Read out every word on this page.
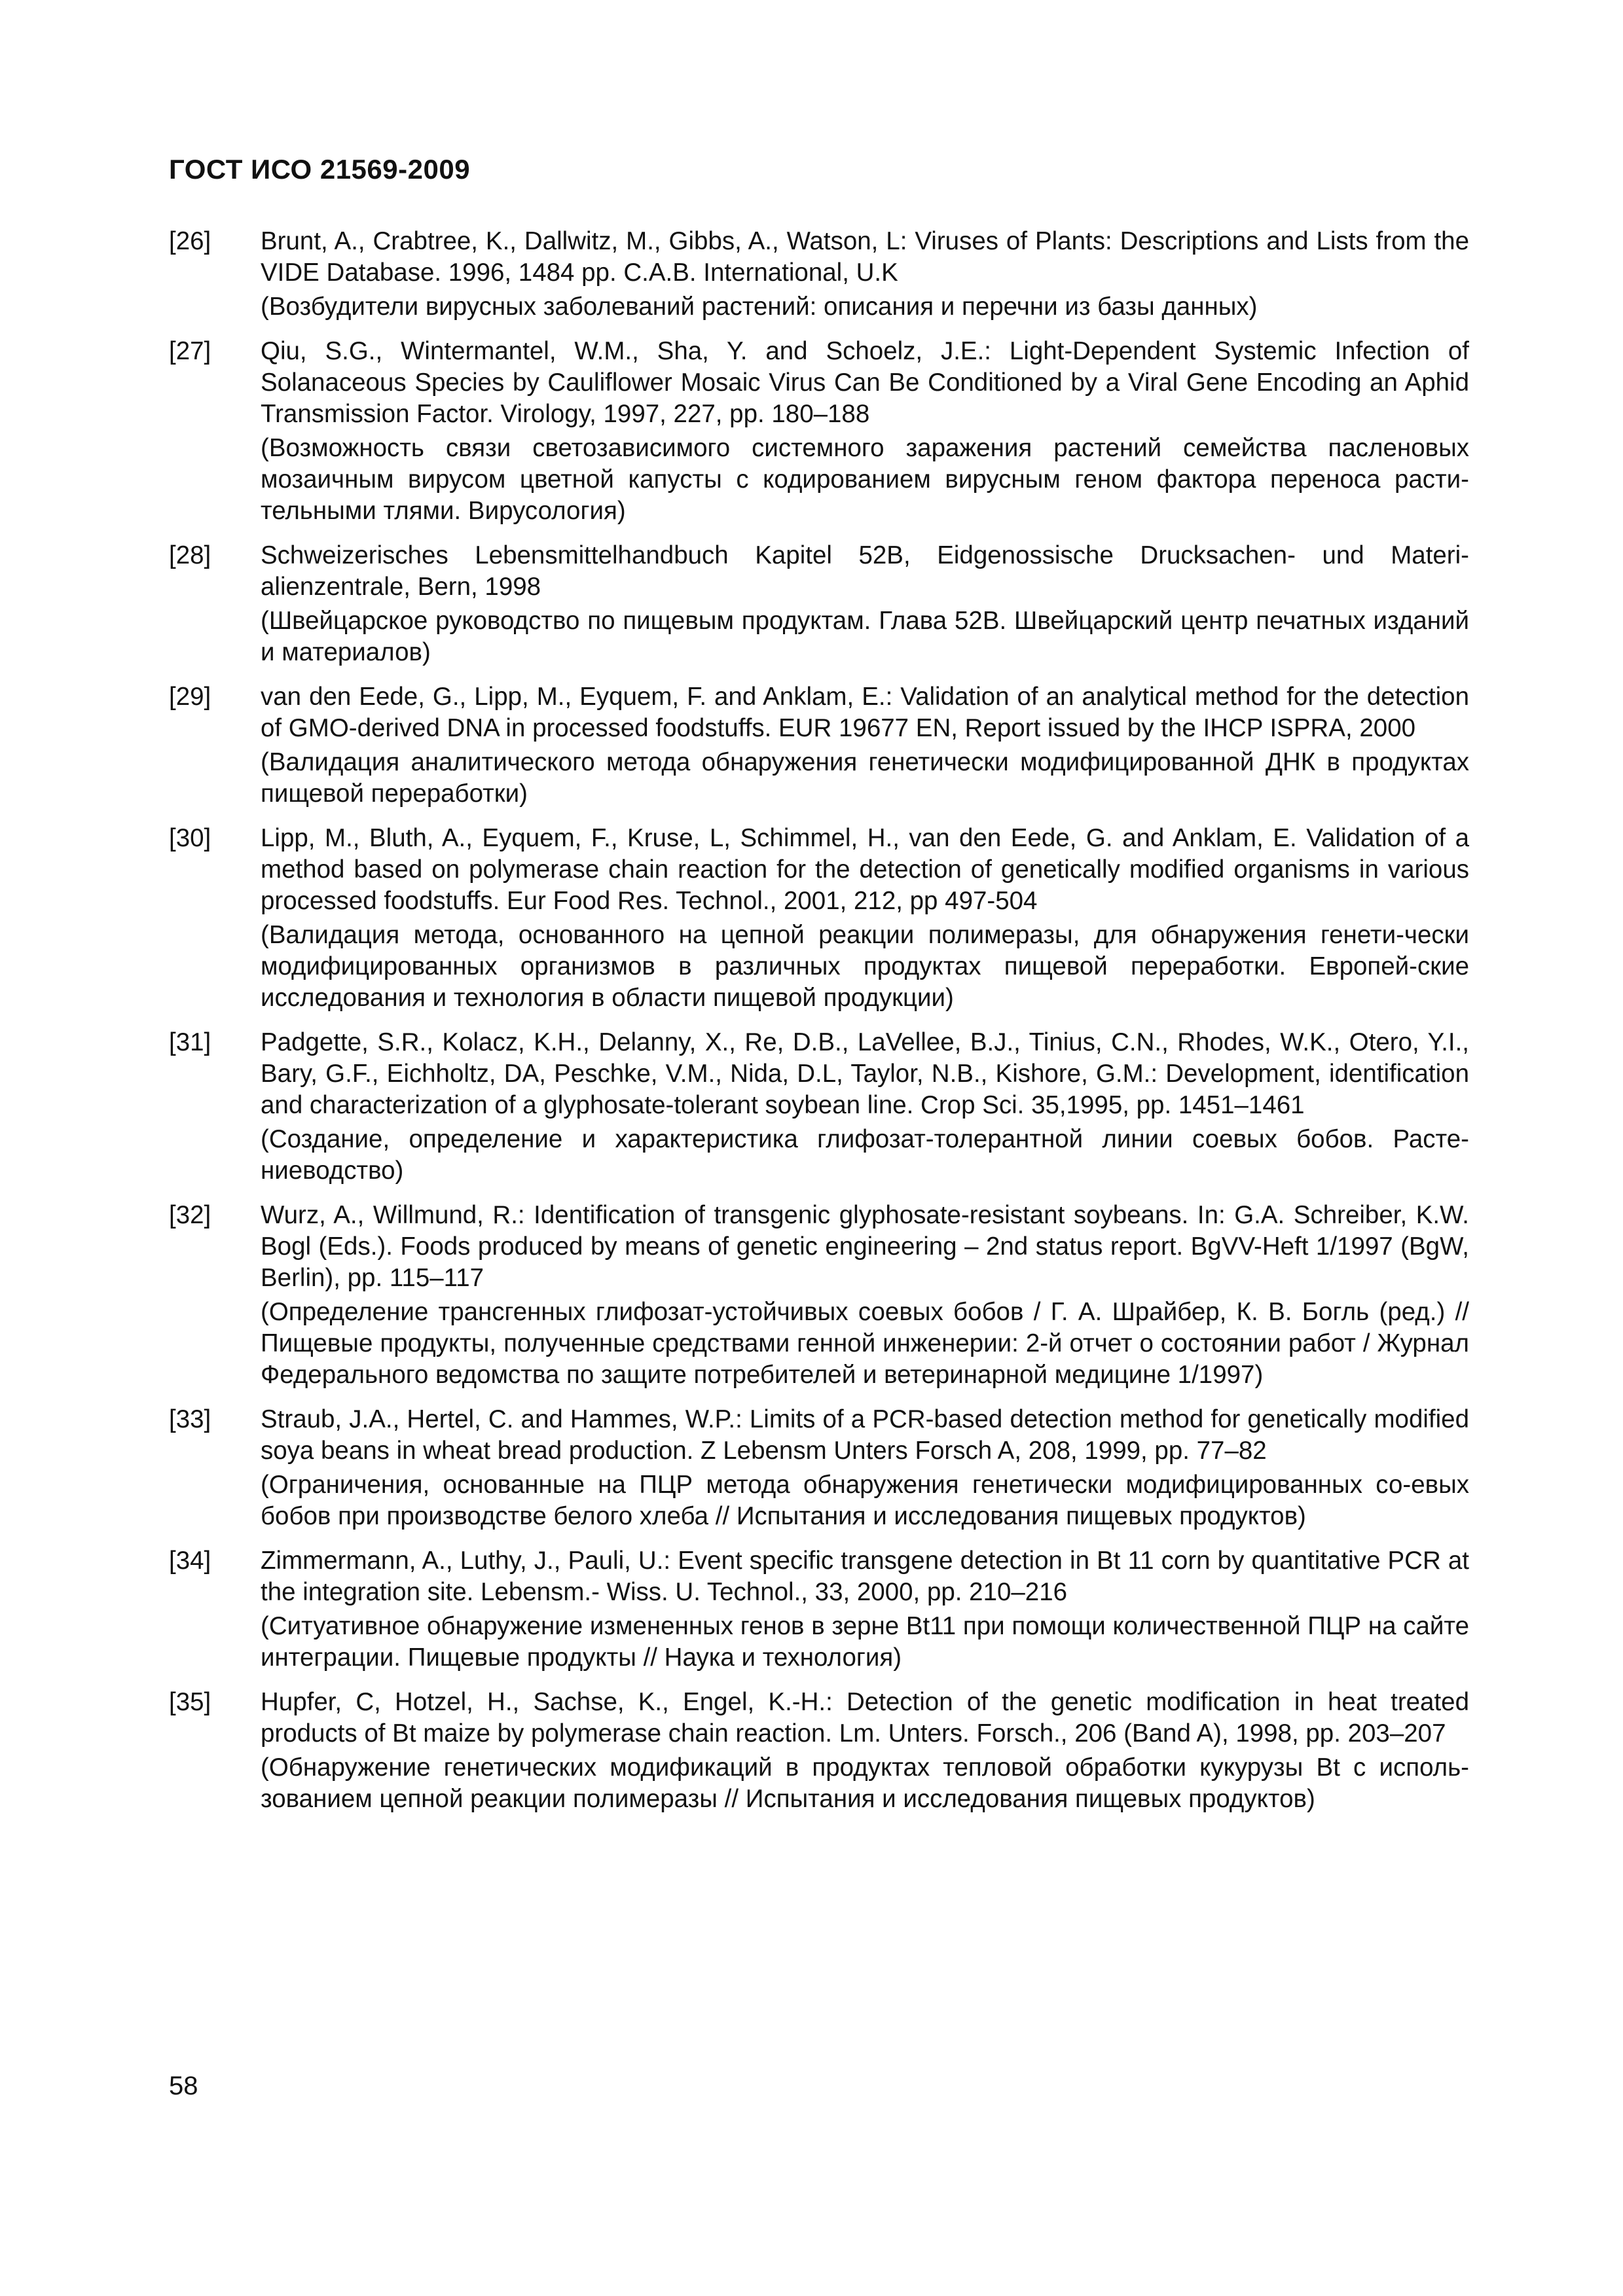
ГОСТ ИСО 21569-2009
[26]	Brunt, A., Crabtree, K., Dallwitz, M., Gibbs, A., Watson, L: Viruses of Plants: Descriptions and Lists from the VIDE Database. 1996, 1484 pp. C.A.B. International, U.K

(Возбудители вирусных заболеваний растений: описания и перечни из базы данных)

[27]	Qiu, S.G., Wintermantel, W.M., Sha, Y. and Schoelz, J.E.: Light-Dependent Systemic Infection of Solanaceous Species by Cauliflower Mosaic Virus Can Be Conditioned by a Viral Gene Encoding an Aphid Transmission Factor. Virology, 1997, 227, pp. 180–188

(Возможность связи светозависимого системного заражения растений семейства пасленовых мозаичным вирусом цветной капусты с кодированием вирусным геном фактора переноса расти-тельными тлями. Вирусология)

[28]	Schweizerisches Lebensmittelhandbuch Kapitel 52B, Eidgenossische Drucksachen- und Materi-alienzentrale, Bern, 1998

(Швейцарское руководство по пищевым продуктам. Глава 52B. Швейцарский центр печатных изданий и материалов)

[29]	van den Eede, G., Lipp, M., Eyquem, F. and Anklam, E.: Validation of an analytical method for the detection of GMO-derived DNA in processed foodstuffs. EUR 19677 EN, Report issued by the IHCP ISPRA, 2000

(Валидация аналитического метода обнаружения генетически модифицированной ДНК в продуктах пищевой переработки)

[30]	Lipp, M., Bluth, A., Eyquem, F., Kruse, L, Schimmel, H., van den Eede, G. and Anklam, E. Validation of a method based on polymerase chain reaction for the detection of genetically modified organisms in various processed foodstuffs. Eur Food Res. Technol., 2001, 212, pp 497-504

(Валидация метода, основанного на цепной реакции полимеразы, для обнаружения генети-чески модифицированных организмов в различных продуктах пищевой переработки. Европей-ские исследования и технология в области пищевой продукции)

[31]	Padgette, S.R., Kolacz, K.H., Delanny, X., Re, D.B., LaVellee, B.J., Tinius, C.N., Rhodes, W.K., Otero, Y.I., Bary, G.F., Eichholtz, DA, Peschke, V.M., Nida, D.L, Taylor, N.B., Kishore, G.M.: Development, identification and characterization of a glyphosate-tolerant soybean line. Crop Sci. 35,1995, pp. 1451–1461

(Создание, определение и характеристика глифозат-толерантной линии соевых бобов. Расте-ниеводство)

[32]	Wurz, A., Willmund, R.: Identification of transgenic glyphosate-resistant soybeans. In: G.A. Schreiber, K.W. Bogl (Eds.). Foods produced by means of genetic engineering – 2nd status report. BgVV-Heft 1/1997 (BgW, Berlin), pp. 115–117

(Определение трансгенных глифозат-устойчивых соевых бобов / Г. А. Шрайбер, К. В. Богль (ред.) // Пищевые продукты, полученные средствами генной инженерии: 2-й отчет о состоянии работ / Журнал Федерального ведомства по защите потребителей и ветеринарной медицине 1/1997)

[33]	Straub, J.A., Hertel, C. and Hammes, W.P.: Limits of a PCR-based detection method for genetically modified soya beans in wheat bread production. Z Lebensm Unters Forsch A, 208, 1999, pp. 77–82

(Ограничения, основанные на ПЦР метода обнаружения генетически модифицированных со-евых бобов при производстве белого хлеба // Испытания и исследования пищевых продуктов)

[34]	Zimmermann, A., Luthy, J., Pauli, U.: Event specific transgene detection in Bt 11 corn by quantitative PCR at the integration site. Lebensm.- Wiss. U. Technol., 33, 2000, pp. 210–216

(Ситуативное обнаружение измененных генов в зерне Bt11 при помощи количественной ПЦР на сайте интеграции. Пищевые продукты // Наука и технология)

[35]	Hupfer, C, Hotzel, H., Sachse, K., Engel, K.-H.: Detection of the genetic modification in heat treated products of Bt maize by polymerase chain reaction. Lm. Unters. Forsch., 206 (Band A), 1998, pp. 203–207

(Обнаружение генетических модификаций в продуктах тепловой обработки кукурузы Bt с исполь-зованием цепной реакции полимеразы // Испытания и исследования пищевых продуктов)

58
